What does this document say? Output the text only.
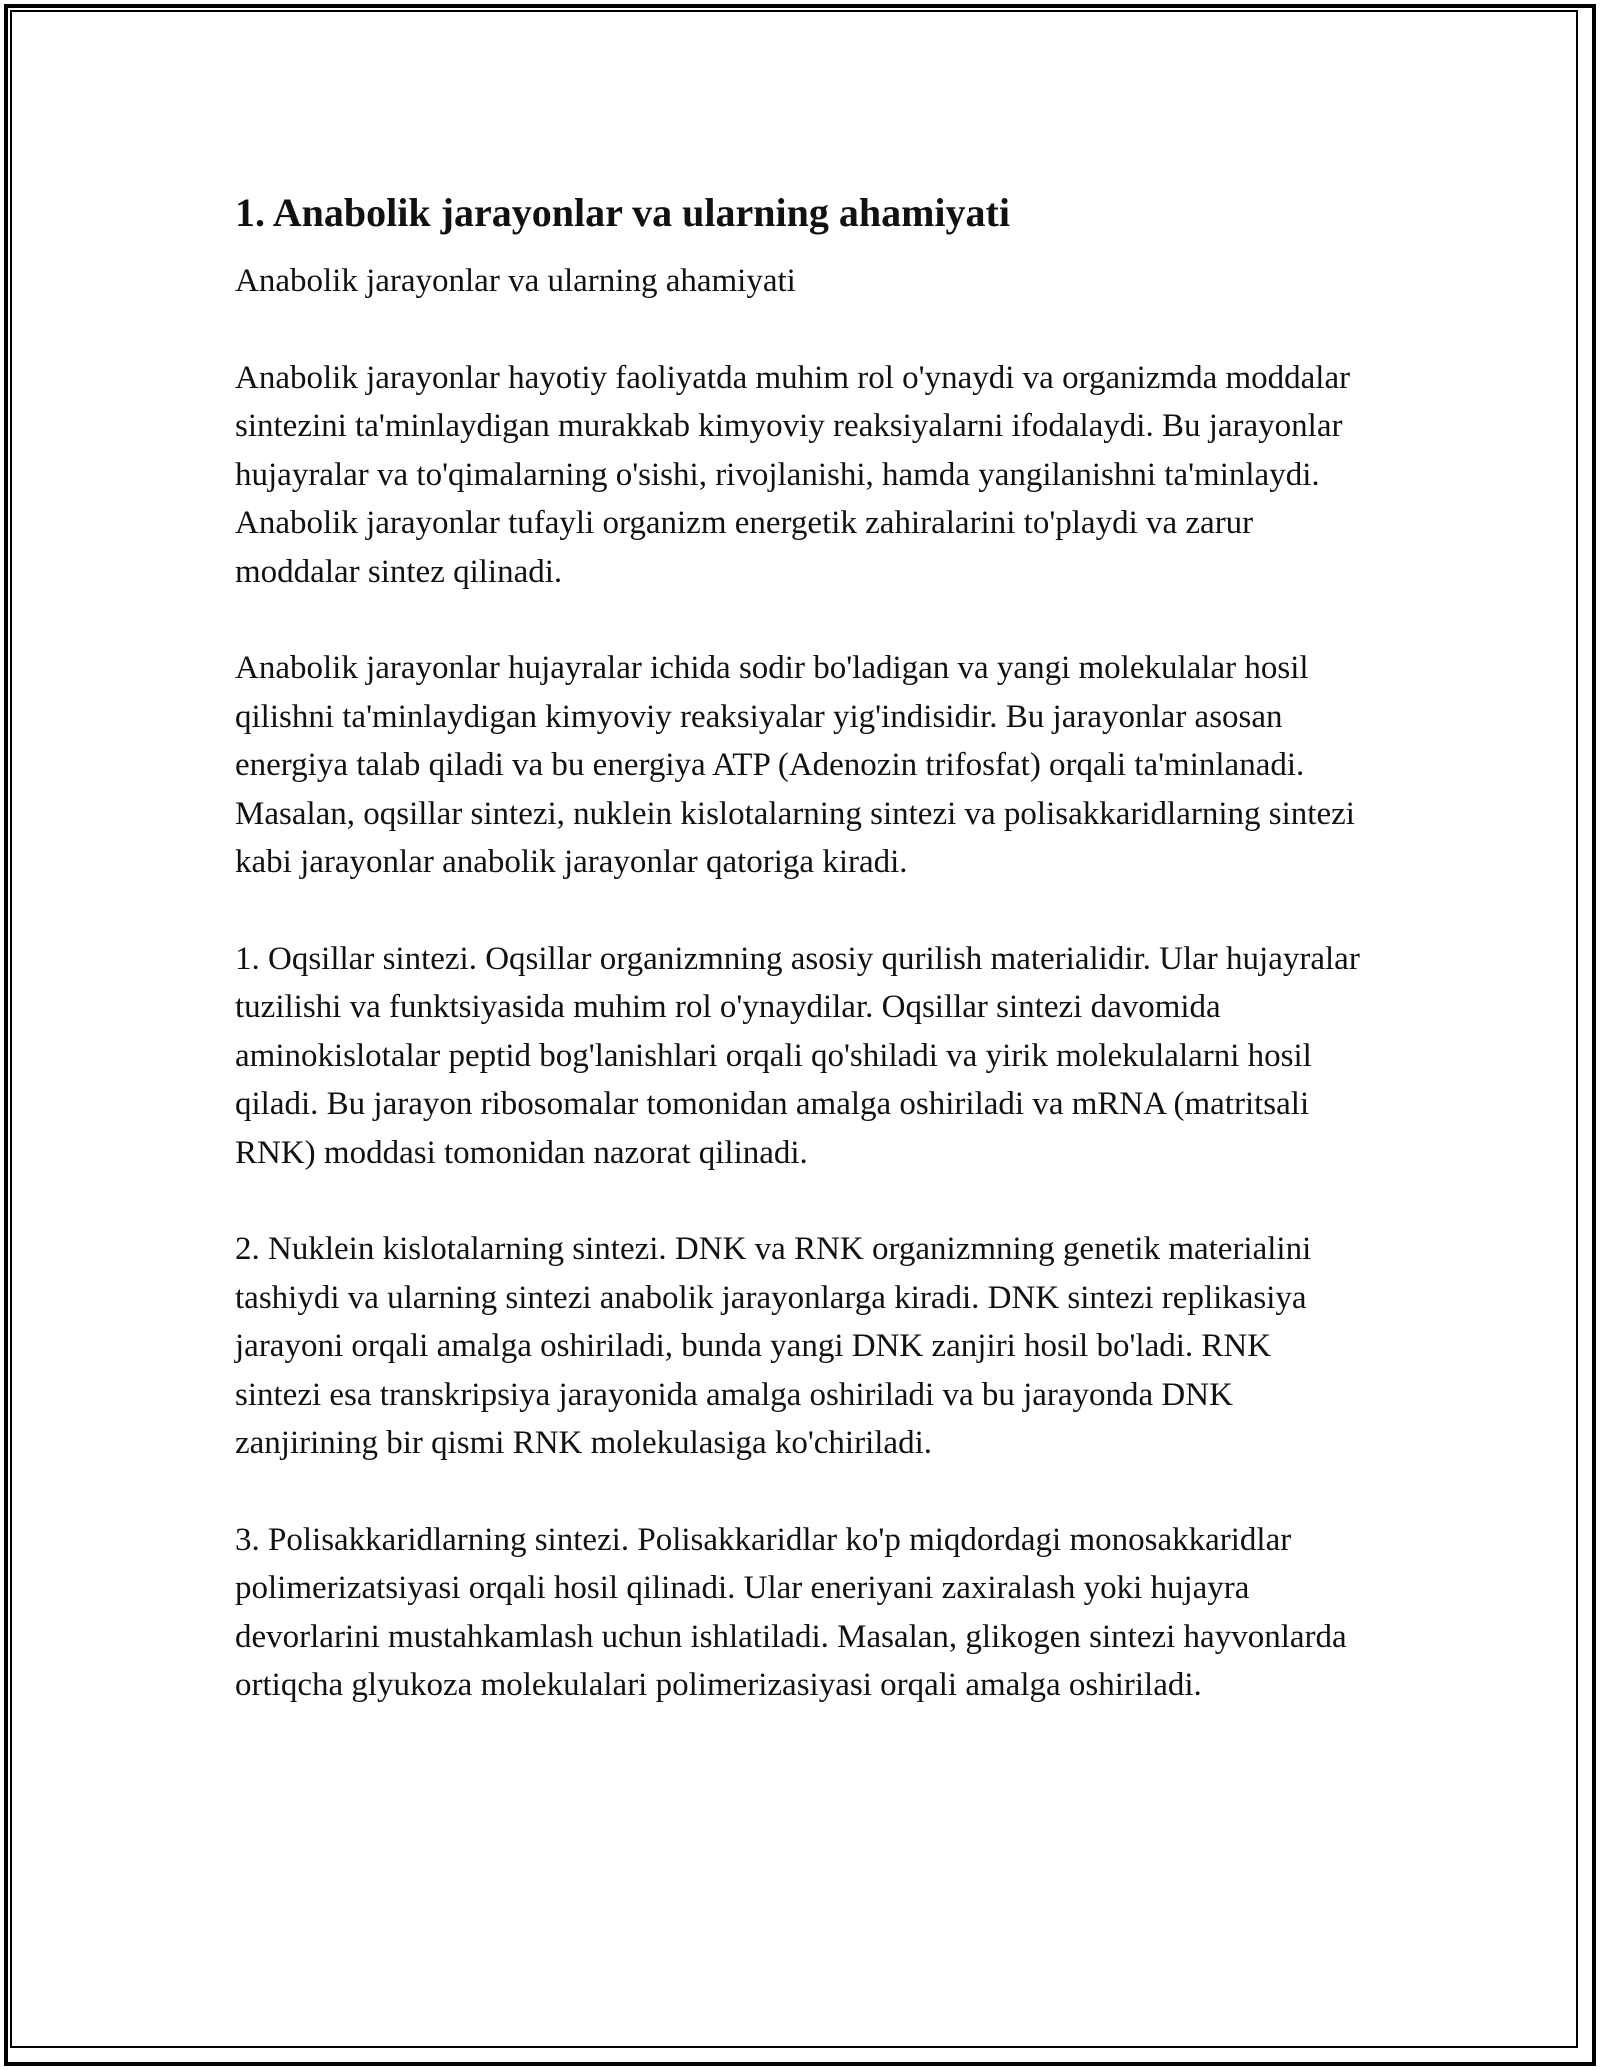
1. Anabolik jarayonlar va ularning ahamiyati

Anabolik jarayonlar va ularning ahamiyati

Anabolik jarayonlar hayotiy faoliyatda muhim rol o'ynaydi va organizmda moddalar sintezini ta'minlaydigan murakkab kimyoviy reaksiyalarni ifodalaydi. Bu jarayonlar hujayralar va to'qimalarning o'sishi, rivojlanishi, hamda yangilanishni ta'minlaydi. Anabolik jarayonlar tufayli organizm energetik zahiralarini to'playdi va zarur moddalar sintez qilinadi.

Anabolik jarayonlar hujayralar ichida sodir bo'ladigan va yangi molekulalar hosil qilishni ta'minlaydigan kimyoviy reaksiyalar yig'indisidir. Bu jarayonlar asosan energiya talab qiladi va bu energiya ATP (Adenozin trifosfat) orqali ta'minlanadi. Masalan, oqsillar sintezi, nuklein kislotalarning sintezi va polisakkaridlarning sintezi kabi jarayonlar anabolik jarayonlar qatoriga kiradi.

1. Oqsillar sintezi. Oqsillar organizmning asosiy qurilish materialidir. Ular hujayralar tuzilishi va funktsiyasida muhim rol o'ynaydilar. Oqsillar sintezi davomida aminokislotalar peptid bog'lanishlari orqali qo'shiladi va yirik molekulalarni hosil qiladi. Bu jarayon ribosomalar tomonidan amalga oshiriladi va mRNA (matritsali RNK) moddasi tomonidan nazorat qilinadi.

2. Nuklein kislotalarning sintezi. DNK va RNK organizmning genetik materialini tashiydi va ularning sintezi anabolik jarayonlarga kiradi. DNK sintezi replikasiya jarayoni orqali amalga oshiriladi, bunda yangi DNK zanjiri hosil bo'ladi. RNK sintezi esa transkripsiya jarayonida amalga oshiriladi va bu jarayonda DNK zanjirining bir qismi RNK molekulasiga ko'chiriladi.

3. Polisakkaridlarning sintezi. Polisakkaridlar ko'p miqdordagi monosakkaridlar polimerizatsiyasi orqali hosil qilinadi. Ular eneriyani zaxiralash yoki hujayra devorlarini mustahkamlash uchun ishlatiladi. Masalan, glikogen sintezi hayvonlarda ortiqcha glyukoza molekulalari polimerizasiyasi orqali amalga oshiriladi.
